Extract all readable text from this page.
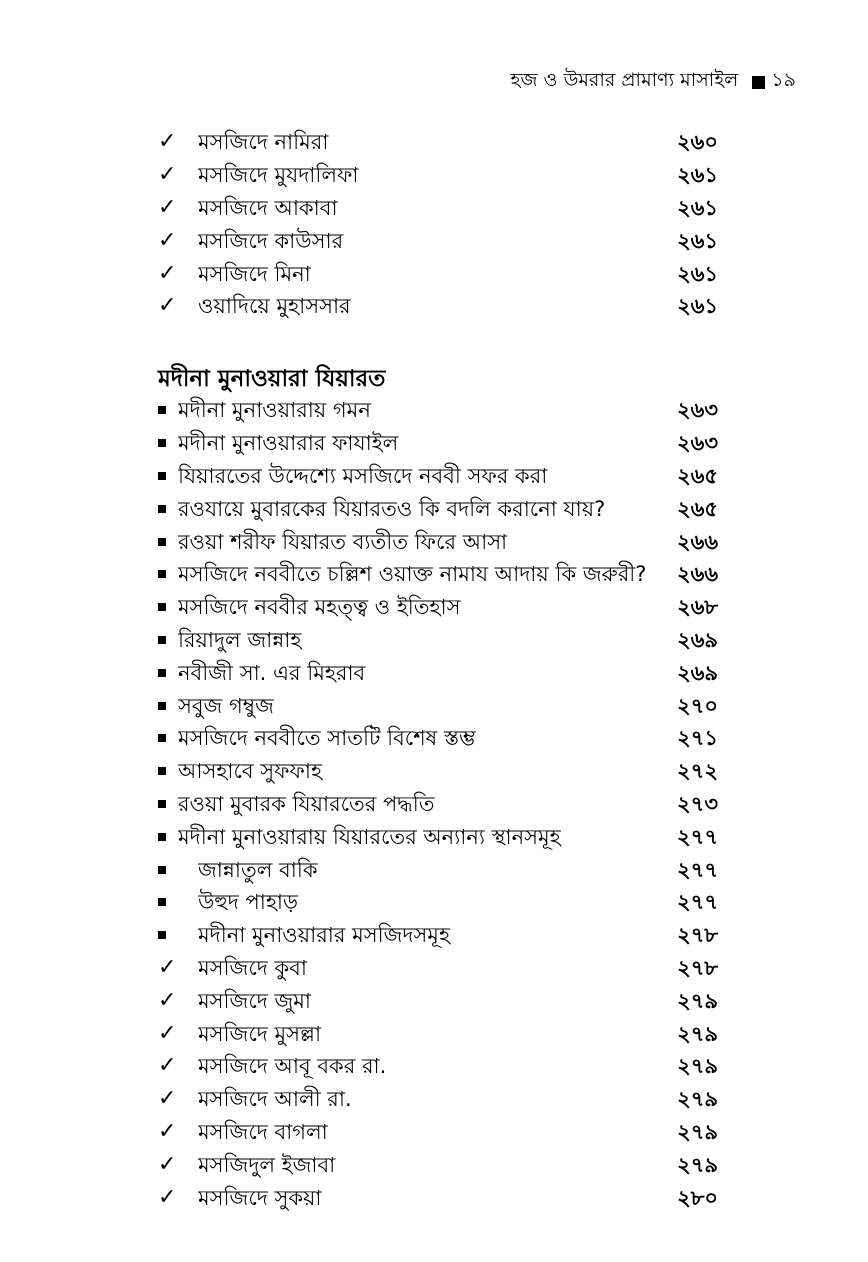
হজ ও উমরার প্রামাণ্য মাসাইল ১৯
✓	মসজিদে নামিরা	২৬০
✓	মসজিদে মুযদালিফা	২৬১
✓	মসজিদে আকাবা	২৬১
✓	মসজিদে কাউসার	২৬১
✓	মসজিদে মিনা	২৬১
✓	ওয়াদিয়ে মুহাসসার	২৬১
মদীনা মুনাওয়ারা যিয়ারত
মদীনা মুনাওয়ারায় গমন	২৬৩
মদীনা মুনাওয়ারার ফাযাইল	২৬৩
যিয়ারতের উদ্দেশ্যে মসজিদে নববী সফর করা	২৬৫
রওযায়ে মুবারকের যিয়ারতও কি বদলি করানো যায়?	২৬৫
রওয়া শরীফ যিয়ারত ব্যতীত ফিরে আসা	২৬৬
মসজিদে নববীতে চল্লিশ ওয়াক্ত নামায আদায় কি জরুরী?	২৬৬
মসজিদে নববীর মহত্ত্ব ও ইতিহাস	২৬৮
রিয়াদুল জান্নাহ	২৬৯
নবীজী সা. এর মিহরাব	২৬৯
সবুজ গম্বুজ	২৭০
মসজিদে নববীতে সাতটি বিশেষ স্তম্ভ	২৭১
আসহাবে সুফফাহ	২৭২
রওয়া মুবারক যিয়ারতের পদ্ধতি	২৭৩
মদীনা মুনাওয়ারায় যিয়ারতের অন্যান্য স্থানসমূহ	২৭৭
জান্নাতুল বাকি	২৭৭
উহুদ পাহাড়	২৭৭
মদীনা মুনাওয়ারার মসজিদসমূহ	২৭৮
✓	মসজিদে কুবা	২৭৮
✓	মসজিদে জুমা	২৭৯
✓	মসজিদে মুসল্লা	২৭৯
✓	মসজিদে আবূ বকর রা.	২৭৯
✓	মসজিদে আলী রা.	২৭৯
✓	মসজিদে বাগলা	২৭৯
✓	মসজিদুল ইজাবা	২৭৯
✓	মসজিদে সুকয়া	২৮০
